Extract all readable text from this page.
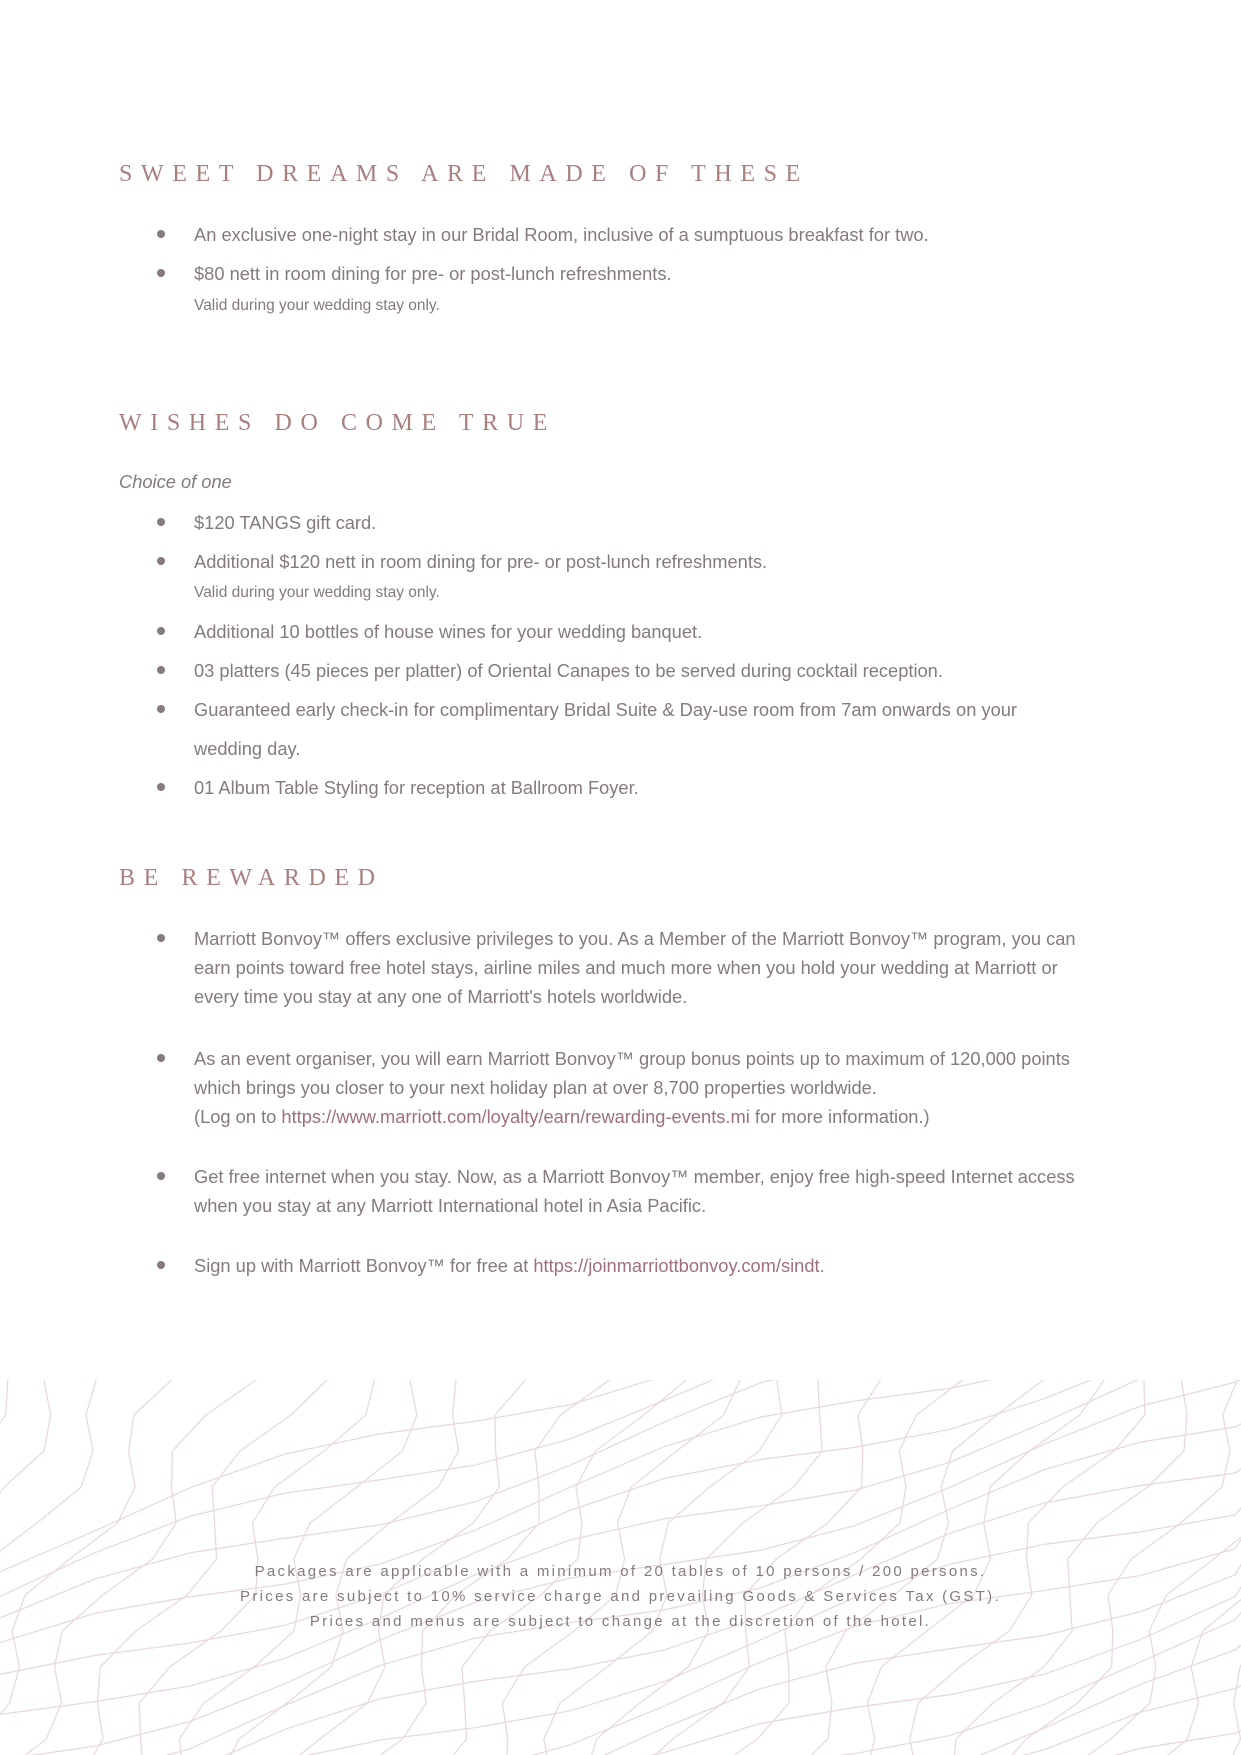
SWEET DREAMS ARE MADE OF THESE
An exclusive one-night stay in our Bridal Room, inclusive of a sumptuous breakfast for two.
$80 nett in room dining for pre- or post-lunch refreshments.
Valid during your wedding stay only.
WISHES DO COME TRUE
Choice of one
$120 TANGS gift card.
Additional $120 nett in room dining for pre- or post-lunch refreshments.
Valid during your wedding stay only.
Additional 10 bottles of house wines for your wedding banquet.
03 platters (45 pieces per platter) of Oriental Canapes to be served during cocktail reception.
Guaranteed early check-in for complimentary Bridal Suite & Day-use room from 7am onwards on your
wedding day.
01 Album Table Styling for reception at Ballroom Foyer.
BE REWARDED
Marriott Bonvoy™ offers exclusive privileges to you. As a Member of the Marriott Bonvoy™ program, you can
earn points toward free hotel stays, airline miles and much more when you hold your wedding at Marriott or
every time you stay at any one of Marriott's hotels worldwide.
As an event organiser, you will earn Marriott Bonvoy™ group bonus points up to maximum of 120,000 points
which brings you closer to your next holiday plan at over 8,700 properties worldwide.
(Log on to https://www.marriott.com/loyalty/earn/rewarding-events.mi for more information.)
Get free internet when you stay. Now, as a Marriott Bonvoy™ member, enjoy free high-speed Internet access
when you stay at any Marriott International hotel in Asia Pacific.
Sign up with Marriott Bonvoy™ for free at https://joinmarriottbonvoy.com/sindt.
Packages are applicable with a minimum of 20 tables of 10 persons / 200 persons.
Prices are subject to 10% service charge and prevailing Goods & Services Tax (GST).
Prices and menus are subject to change at the discretion of the hotel.
